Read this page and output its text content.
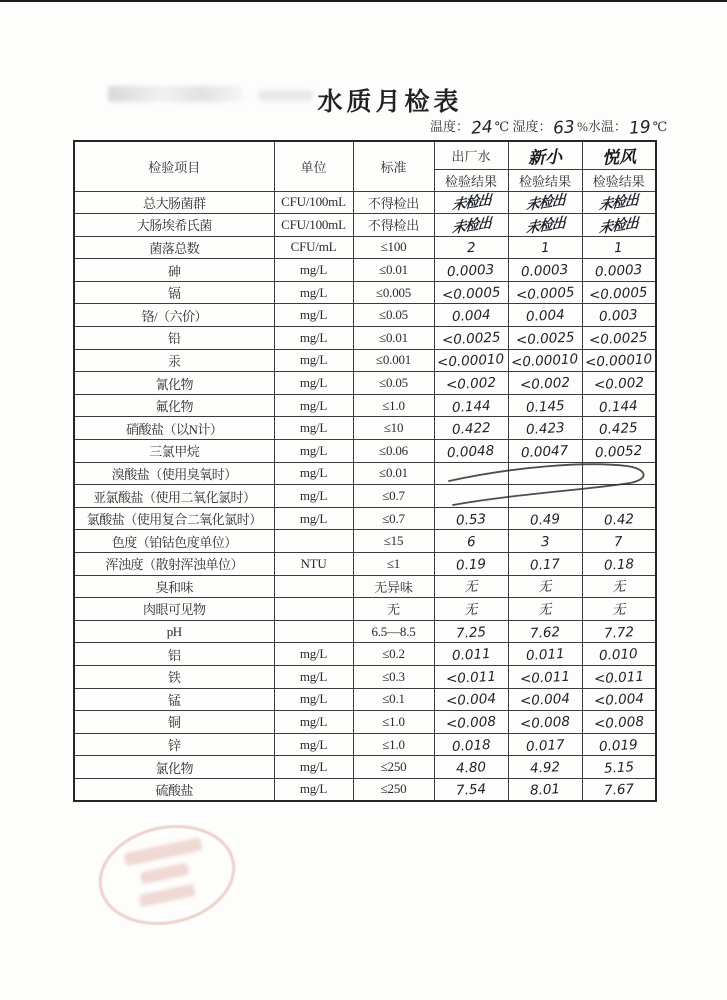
水质月检表
温度：24℃ 湿度：63%水温：19℃
检验项目	单位	标准	出厂水	新小	悦风
			检验结果	检验结果	检验结果
总大肠菌群	CFU/100mL	不得检出	未检出	未检出	未检出
大肠埃希氏菌	CFU/100mL	不得检出	未检出	未检出	未检出
菌落总数	CFU/mL	≤100	2	1	1
砷	mg/L	≤0.01	0.0003	0.0003	0.0003
镉	mg/L	≤0.005	<0.0005	<0.0005	<0.0005
铬/（六价）	mg/L	≤0.05	0.004	0.004	0.003
铅	mg/L	≤0.01	<0.0025	<0.0025	<0.0025
汞	mg/L	≤0.001	<0.00010	<0.00010	<0.00010
氰化物	mg/L	≤0.05	<0.002	<0.002	<0.002
氟化物	mg/L	≤1.0	0.144	0.145	0.144
硝酸盐（以N计）	mg/L	≤10	0.422	0.423	0.425
三氯甲烷	mg/L	≤0.06	0.0048	0.0047	0.0052
溴酸盐（使用臭氧时）	mg/L	≤0.01			
亚氯酸盐（使用二氧化氯时）	mg/L	≤0.7			
氯酸盐（使用复合二氧化氯时）	mg/L	≤0.7	0.53	0.49	0.42
色度（铂钴色度单位）		≤15	6	3	7
浑浊度（散射浑浊单位）	NTU	≤1	0.19	0.17	0.18
臭和味		无异味	无	无	无
肉眼可见物		无	无	无	无
pH		6.5—8.5	7.25	7.62	7.72
铝	mg/L	≤0.2	0.011	0.011	0.010
铁	mg/L	≤0.3	<0.011	<0.011	<0.011
锰	mg/L	≤0.1	<0.004	<0.004	<0.004
铜	mg/L	≤1.0	<0.008	<0.008	<0.008
锌	mg/L	≤1.0	0.018	0.017	0.019
氯化物	mg/L	≤250	4.80	4.92	5.15
硫酸盐	mg/L	≤250	7.54	8.01	7.67
